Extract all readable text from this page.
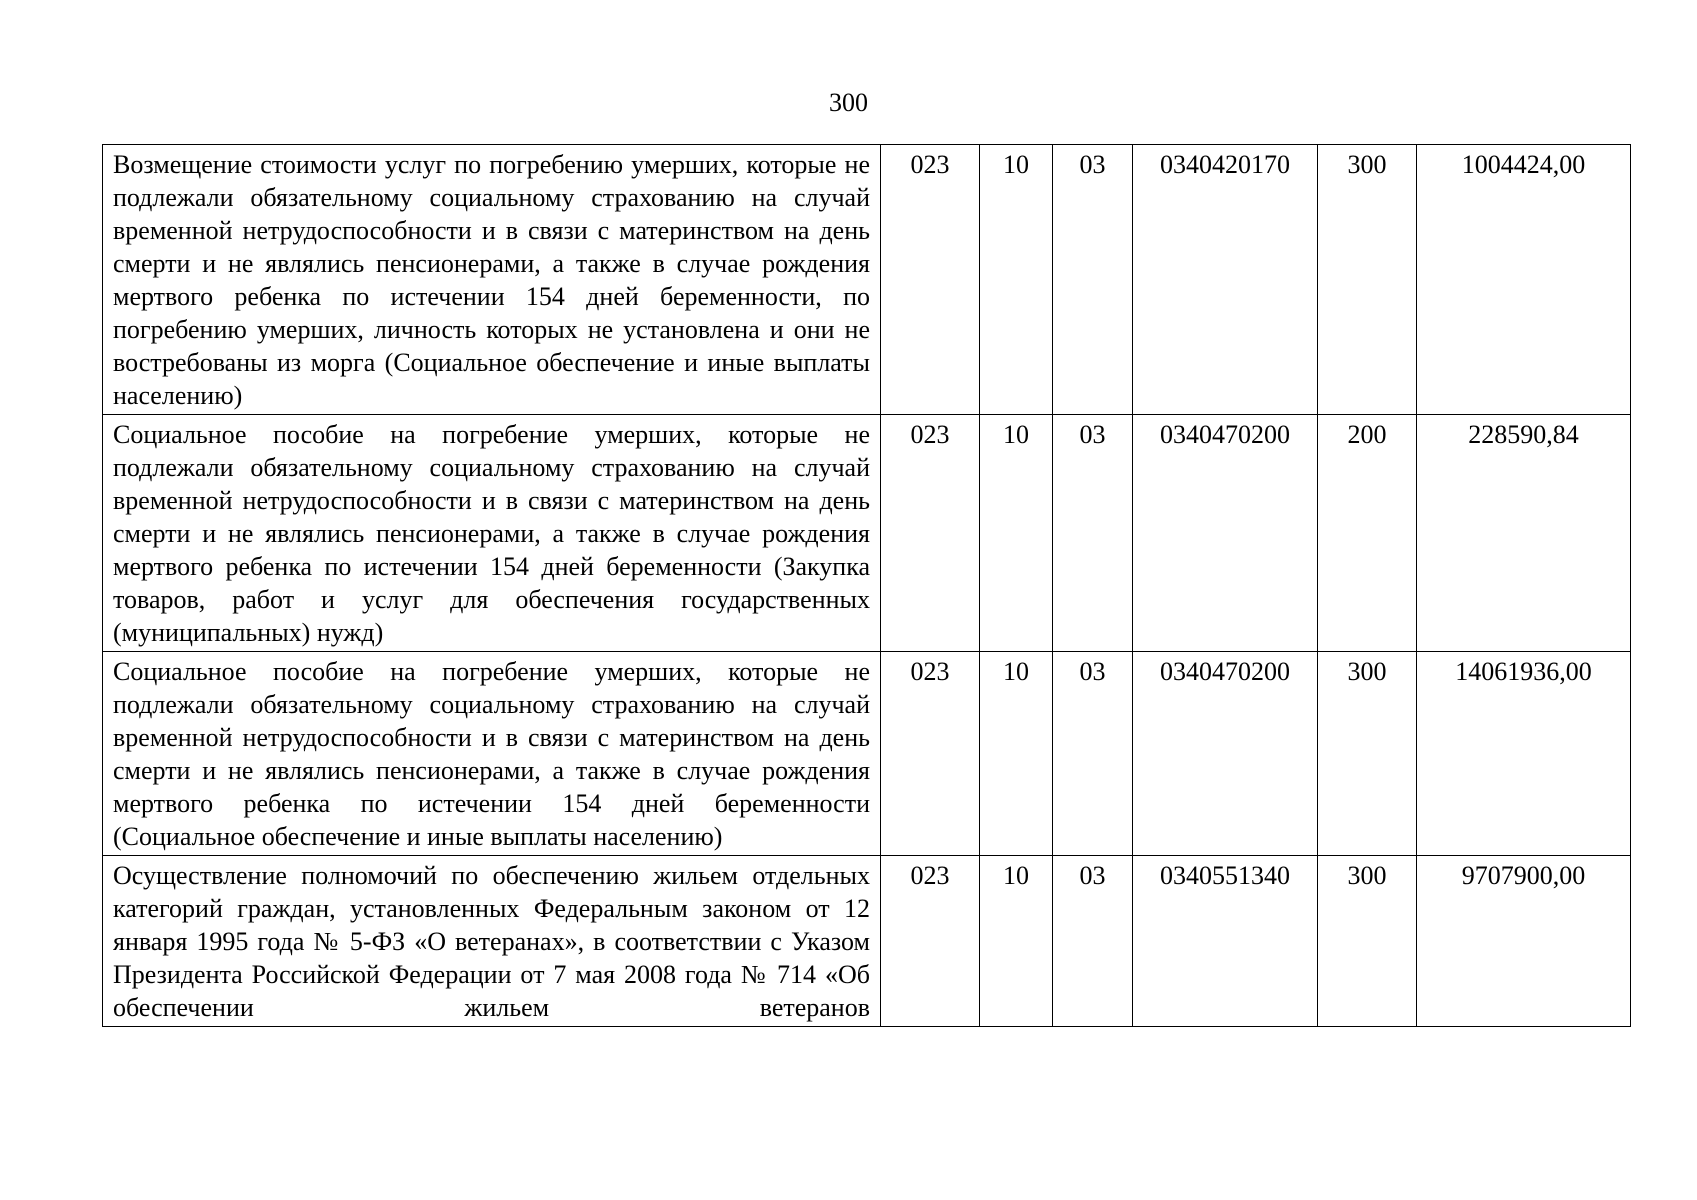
300
Возмещение стоимости услуг по погребению умерших, которые не подлежали обязательному социальному страхованию на случай временной нетрудоспособности и в связи с материнством на день смерти и не являлись пенсионерами, а также в случае рождения мертвого ребенка по истечении 154 дней беременности, по погребению умерших, личность которых не установлена и они не востребованы из морга (Социальное обеспечение и иные выплаты населению)	023	10	03	0340420170	300	1004424,00
Социальное пособие на погребение умерших, которые не подлежали обязательному социальному страхованию на случай временной нетрудоспособности и в связи с материнством на день смерти и не являлись пенсионерами, а также в случае рождения мертвого ребенка по истечении 154 дней беременности (Закупка товаров, работ и услуг для обеспечения государственных (муниципальных) нужд)	023	10	03	0340470200	200	228590,84
Социальное пособие на погребение умерших, которые не подлежали обязательному социальному страхованию на случай временной нетрудоспособности и в связи с материнством на день смерти и не являлись пенсионерами, а также в случае рождения мертвого ребенка по истечении 154 дней беременности (Социальное обеспечение и иные выплаты населению)	023	10	03	0340470200	300	14061936,00
Осуществление полномочий по обеспечению жильем отдельных категорий граждан, установленных Федеральным законом от 12 января 1995 года № 5-ФЗ «О ветеранах», в соответствии с Указом Президента Российской Федерации от 7 мая 2008 года № 714 «Об обеспечении жильем ветеранов	023	10	03	0340551340	300	9707900,00
